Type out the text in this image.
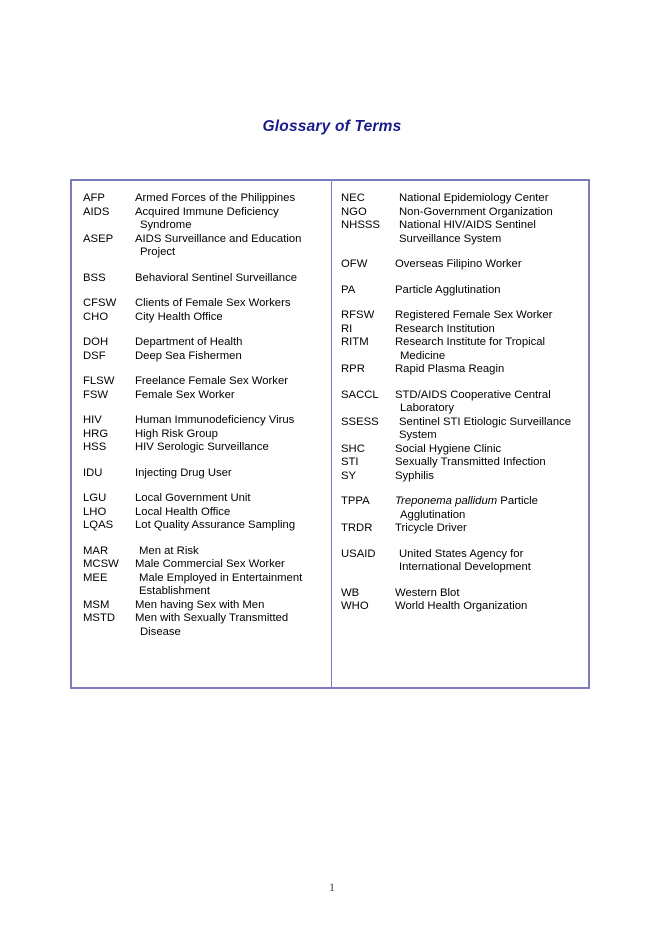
Glossary of Terms
AFP	Armed Forces of the Philippines
AIDS	Acquired Immune Deficiency
Syndrome
ASEP	AIDS Surveillance and Education
Project
BSS	Behavioral Sentinel Surveillance
CFSW	Clients of Female Sex Workers
CHO	City Health Office
DOH	Department of Health
DSF	Deep Sea Fishermen
FLSW	Freelance Female Sex Worker
FSW	Female Sex Worker
HIV	Human Immunodeficiency Virus
HRG	High Risk Group
HSS	HIV Serologic Surveillance
IDU	Injecting Drug User
LGU	Local Government Unit
LHO	Local Health Office
LQAS	Lot Quality Assurance Sampling
MAR	Men at Risk
MCSW	Male Commercial Sex Worker
MEE	Male Employed in Entertainment
Establishment
MSM	Men having Sex with Men
MSTD	Men with Sexually Transmitted
Disease
NEC	National Epidemiology Center
NGO	Non-Government Organization
NHSSS	National HIV/AIDS Sentinel
Surveillance System
OFW	Overseas Filipino Worker
PA	Particle Agglutination
RFSW	Registered Female Sex Worker
RI	Research Institution
RITM	Research Institute for Tropical
Medicine
RPR	Rapid Plasma Reagin
SACCL	STD/AIDS Cooperative Central
Laboratory
SSESS	Sentinel STI Etiologic Surveillance
System
SHC	Social Hygiene Clinic
STI	Sexually Transmitted Infection
SY	Syphilis
TPPA	Treponema pallidum Particle
Agglutination
TRDR	Tricycle Driver
USAID	United States Agency for
International Development
WB	Western Blot
WHO	World Health Organization
1
